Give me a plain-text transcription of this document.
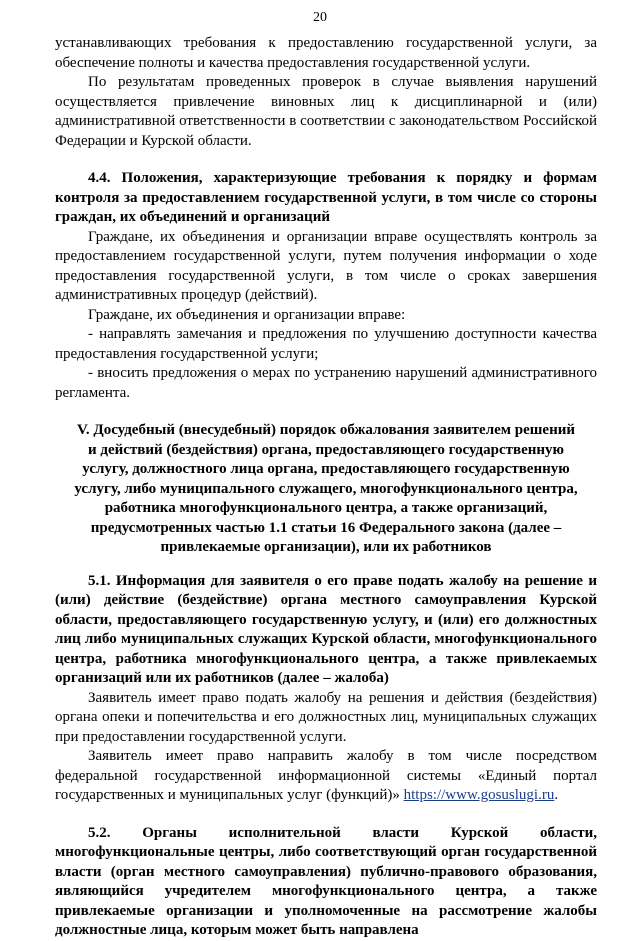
20

устанавливающих требования к предоставлению государственной услуги, за обеспечение полноты и качества предоставления государственной услуги.

По результатам проведенных проверок в случае выявления нарушений осуществляется привлечение виновных лиц к дисциплинарной и (или) административной ответственности в соответствии с законодательством Российской Федерации и Курской области.

4.4. Положения, характеризующие требования к порядку и формам контроля за предоставлением государственной услуги, в том числе со стороны граждан, их объединений и организаций

Граждане, их объединения и организации вправе осуществлять контроль за предоставлением государственной услуги, путем получения информации о ходе предоставления государственной услуги, в том числе о сроках завершения административных процедур (действий).

Граждане, их объединения и организации вправе:

- направлять замечания и предложения по улучшению доступности качества предоставления государственной услуги;

- вносить предложения о мерах по устранению нарушений административного регламента.

V. Досудебный (внесудебный) порядок обжалования заявителем решений и действий (бездействия) органа, предоставляющего государственную услугу, должностного лица органа, предоставляющего государственную услугу, либо муниципального служащего, многофункционального центра, работника многофункционального центра, а также организаций, предусмотренных частью 1.1 статьи 16 Федерального закона (далее – привлекаемые организации), или их работников

5.1. Информация для заявителя о его праве подать жалобу на решение и (или) действие (бездействие) органа местного самоуправления Курской области, предоставляющего государственную услугу, и (или) его должностных лиц либо муниципальных служащих Курской области, многофункционального центра, работника многофункционального центра, а также привлекаемых организаций или их работников (далее – жалоба)

Заявитель имеет право подать жалобу на решения и действия (бездействия) органа опеки и попечительства и его должностных лиц, муниципальных служащих при предоставлении государственной услуги.

Заявитель имеет право направить жалобу в том числе посредством федеральной государственной информационной системы «Единый портал государственных и муниципальных услуг (функций)» https://www.gosuslugi.ru.

5.2. Органы исполнительной власти Курской области, многофункциональные центры, либо соответствующий орган государственной власти (орган местного самоуправления) публично-правового образования, являющийся учредителем многофункционального центра, а также привлекаемые организации и уполномоченные на рассмотрение жалобы должностные лица, которым может быть направлена
